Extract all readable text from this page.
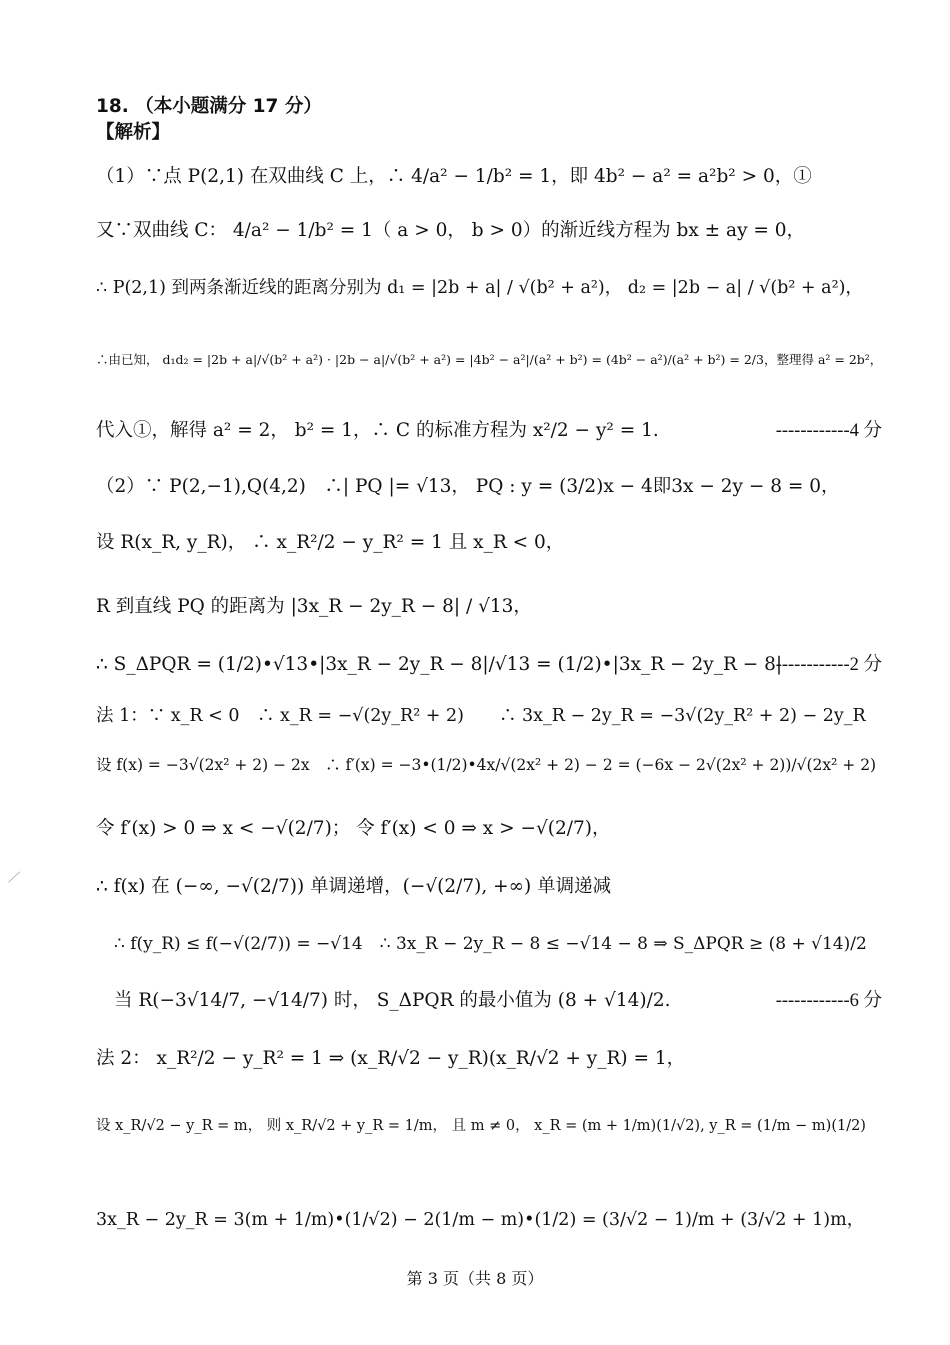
18. （本小题满分 17 分）
【解析】
（1）∵点 P(2,1) 在双曲线 C 上，∴ 4/a² − 1/b² = 1，即 4b² − a² = a²b² > 0，①
又∵双曲线 C： 4/a² − 1/b² = 1（ a > 0， b > 0）的渐近线方程为 bx ± ay = 0，
∴ P(2,1) 到两条渐近线的距离分别为 d₁ = |2b + a| / √(b² + a²)， d₂ = |2b − a| / √(b² + a²)，
∴由已知， d₁d₂ = |2b + a|/√(b² + a²) · |2b − a|/√(b² + a²) = |4b² − a²|/(a² + b²) = (4b² − a²)/(a² + b²) = 2/3，整理得 a² = 2b²，
代入①，解得 a² = 2， b² = 1，∴ C 的标准方程为 x²/2 − y² = 1.	------------4 分
（2）∵ P(2,−1),Q(4,2)　∴| PQ |= √13， PQ : y = (3/2)x − 4即3x − 2y − 8 = 0，
设 R(x_R, y_R)， ∴ x_R²/2 − y_R² = 1 且 x_R < 0，
R 到直线 PQ 的距离为 |3x_R − 2y_R − 8| / √13，
∴ S_ΔPQR = (1/2)•√13•|3x_R − 2y_R − 8|/√13 = (1/2)•|3x_R − 2y_R − 8|
------------2 分
法 1：∵ x_R < 0　∴ x_R = −√(2y_R² + 2)　　∴ 3x_R − 2y_R = −3√(2y_R² + 2) − 2y_R
设 f(x) = −3√(2x² + 2) − 2x　∴ f′(x) = −3•(1/2)•4x/√(2x² + 2) − 2 = (−6x − 2√(2x² + 2))/√(2x² + 2)
令 f′(x) > 0 ⇒ x < −√(2/7)； 令 f′(x) < 0 ⇒ x > −√(2/7)，
∴ f(x) 在 (−∞, −√(2/7)) 单调递增，(−√(2/7), +∞) 单调递减
∴ f(y_R) ≤ f(−√(2/7)) = −√14　∴ 3x_R − 2y_R − 8 ≤ −√14 − 8 ⇒ S_ΔPQR ≥ (8 + √14)/2
当 R(−3√14/7, −√14/7) 时， S_ΔPQR 的最小值为 (8 + √14)/2.	------------6 分
法 2： x_R²/2 − y_R² = 1 ⇒ (x_R/√2 − y_R)(x_R/√2 + y_R) = 1，
设 x_R/√2 − y_R = m， 则 x_R/√2 + y_R = 1/m， 且 m ≠ 0， x_R = (m + 1/m)(1/√2), y_R = (1/m − m)(1/2)
3x_R − 2y_R = 3(m + 1/m)•(1/√2) − 2(1/m − m)•(1/2) = (3/√2 − 1)/m + (3/√2 + 1)m，
第 3 页（共 8 页）
⟋
